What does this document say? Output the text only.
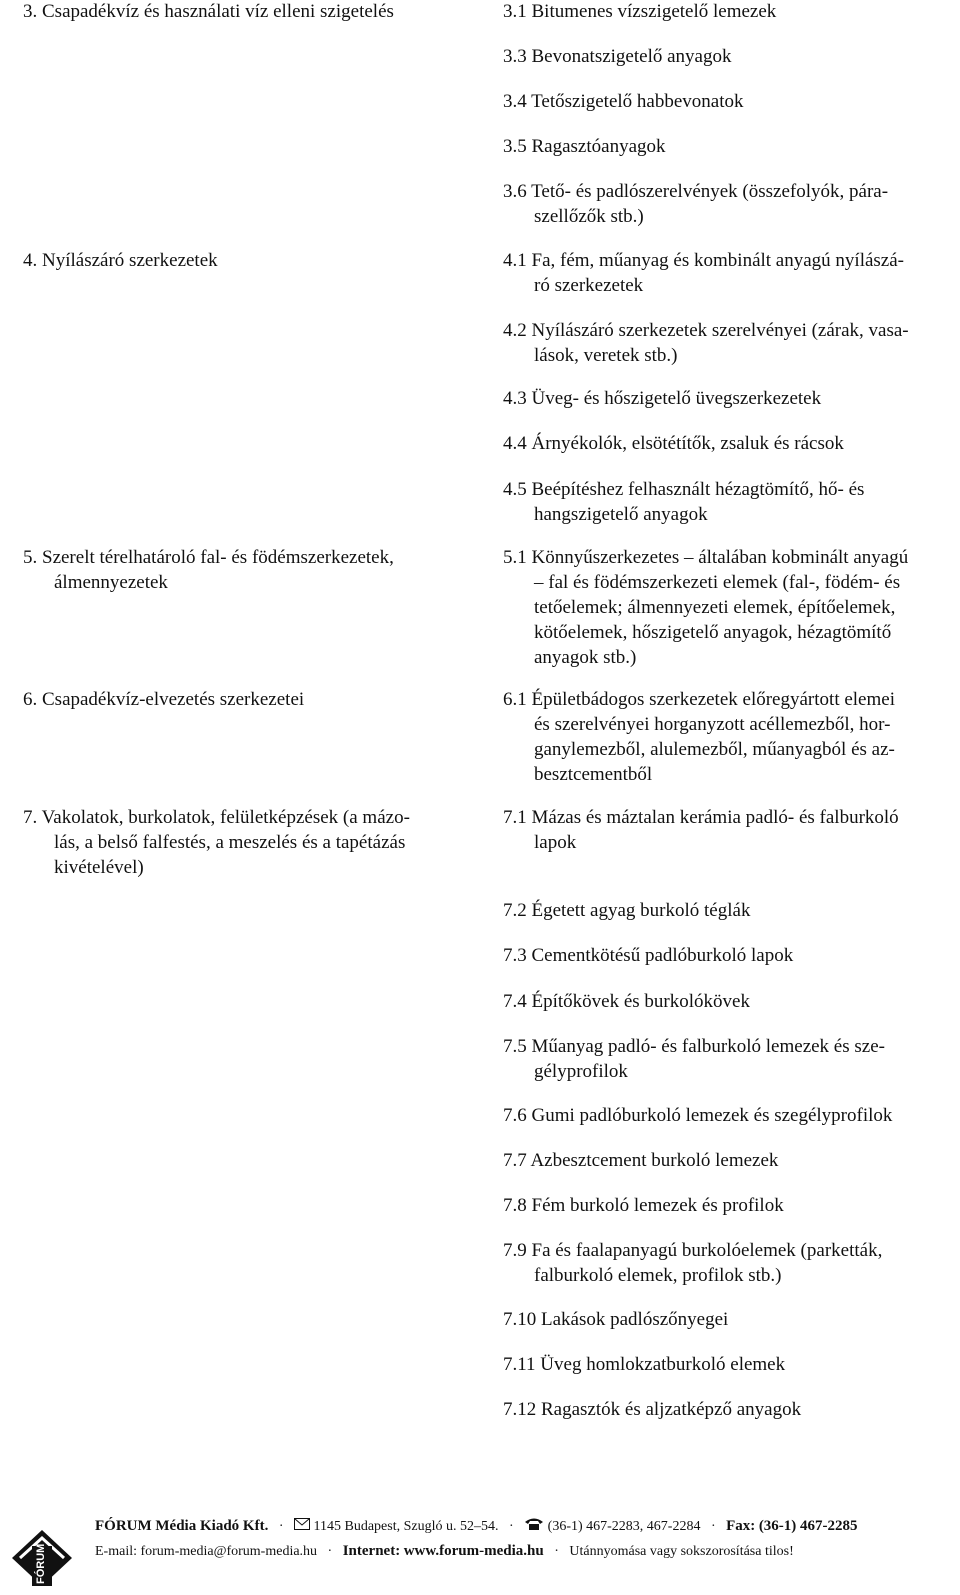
3. Csapadékvíz és használati víz elleni szigetelés	3.1 Bitumenes vízszigetelő lemezek
3.3 Bevonatszigetelő anyagok
3.4 Tetőszigetelő habbevonatok
3.5 Ragasztóanyagok
3.6 Tető- és padlószerelvények (összefolyók, pára-
szellőzők stb.)
4. Nyílászáró szerkezetek	4.1 Fa, fém, műanyag és kombinált anyagú nyílászá-
ró szerkezetek
4.2 Nyílászáró szerkezetek szerelvényei (zárak, vasa-
lások, veretek stb.)
4.3 Üveg- és hőszigetelő üvegszerkezetek
4.4 Árnyékolók, elsötétítők, zsaluk és rácsok
4.5 Beépítéshez felhasznált hézagtömítő, hő- és
hangszigetelő anyagok
5. Szerelt térelhatároló fal- és födémszerkezetek,
álmennyezetek
5.1 Könnyűszerkezetes – általában kobminált anyagú
– fal és födémszerkezeti elemek (fal-, födém- és
tetőelemek; álmennyezeti elemek, építőelemek,
kötőelemek, hőszigetelő anyagok, hézagtömítő
anyagok stb.)
6. Csapadékvíz-elvezetés szerkezetei	6.1 Épületbádogos szerkezetek előregyártott elemei
és szerelvényei horganyzott acéllemezből, hor-
ganylemezből, alulemezből, műanyagból és az-
besztcementből
7. Vakolatok, burkolatok, felületképzések (a mázo-
lás, a belső falfestés, a meszelés és a tapétázás
kivételével)
7.1 Mázas és máztalan kerámia padló- és falburkoló
lapok
7.2 Égetett agyag burkoló téglák
7.3 Cementkötésű padlóburkoló lapok
7.4 Építőkövek és burkolókövek
7.5 Műanyag padló- és falburkoló lemezek és sze-
gélyprofilok
7.6 Gumi padlóburkoló lemezek és szegélyprofilok
7.7 Azbesztcement burkoló lemezek
7.8 Fém burkoló lemezek és profilok
7.9 Fa és faalapanyagú burkolóelemek (parketták,
falburkoló elemek, profilok stb.)
7.10 Lakások padlószőnyegei
7.11 Üveg homlokzatburkoló elemek
7.12 Ragasztók és aljzatképző anyagok
FÓRUM
FÓRUM Média Kiadó Kft. · 1145 Budapest, Szugló u. 52–54. · (36-1) 467-2283, 467-2284 · Fax: (36-1) 467-2285
E-mail: forum-media@forum-media.hu · Internet: www.forum-media.hu · Utánnyomása vagy sokszorosítása tilos!
